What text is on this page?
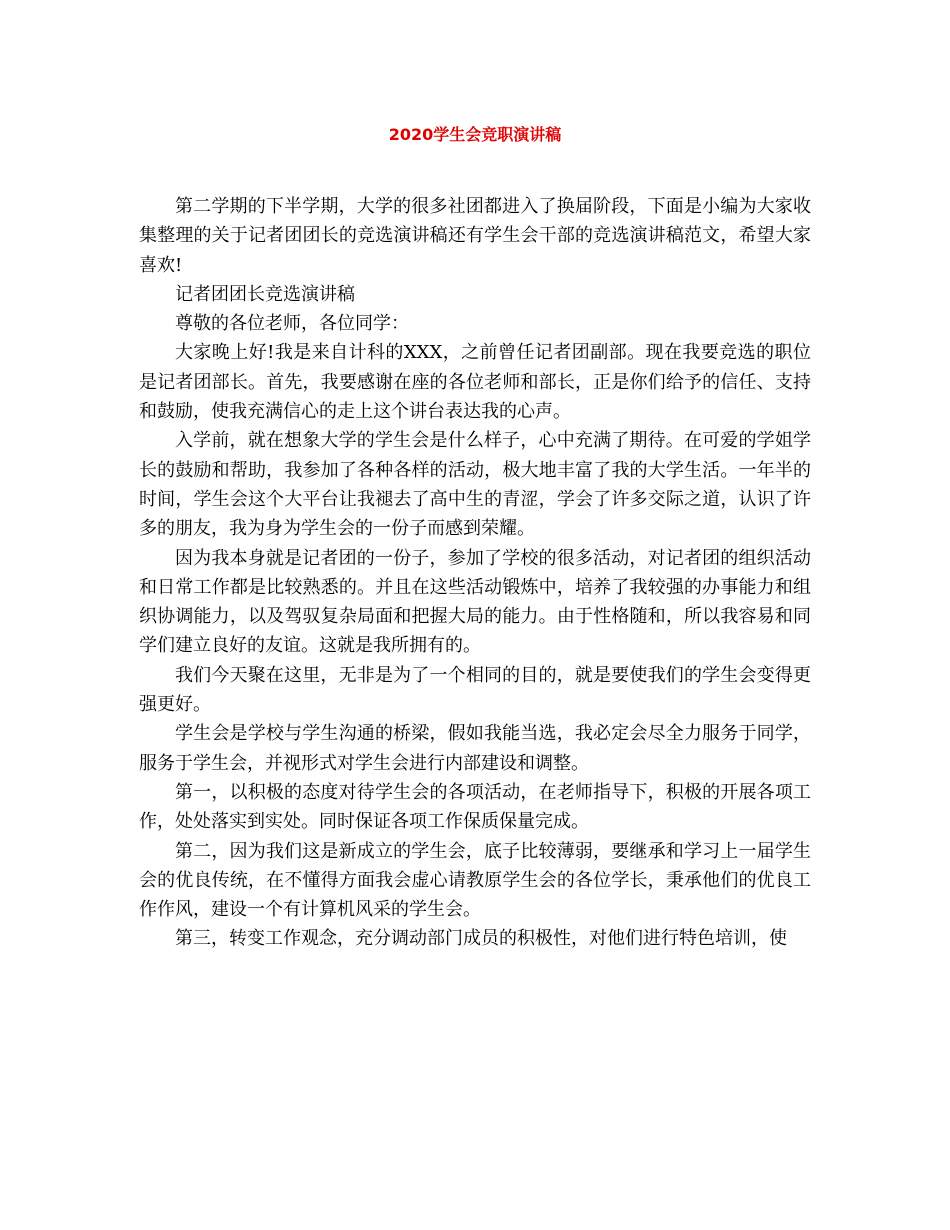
2020学生会竞职演讲稿

第二学期的下半学期，大学的很多社团都进入了换届阶段，下面是小编为大家收集整理的关于记者团团长的竞选演讲稿还有学生会干部的竞选演讲稿范文，希望大家喜欢!

记者团团长竞选演讲稿

尊敬的各位老师，各位同学：

大家晚上好!我是来自计科的XXX，之前曾任记者团副部。现在我要竞选的职位是记者团部长。首先，我要感谢在座的各位老师和部长，正是你们给予的信任、支持和鼓励，使我充满信心的走上这个讲台表达我的心声。

入学前，就在想象大学的学生会是什么样子，心中充满了期待。在可爱的学姐学长的鼓励和帮助，我参加了各种各样的活动，极大地丰富了我的大学生活。一年半的时间，学生会这个大平台让我褪去了高中生的青涩，学会了许多交际之道，认识了许多的朋友，我为身为学生会的一份子而感到荣耀。

因为我本身就是记者团的一份子，参加了学校的很多活动，对记者团的组织活动和日常工作都是比较熟悉的。并且在这些活动锻炼中，培养了我较强的办事能力和组织协调能力，以及驾驭复杂局面和把握大局的能力。由于性格随和，所以我容易和同学们建立良好的友谊。这就是我所拥有的。

我们今天聚在这里，无非是为了一个相同的目的，就是要使我们的学生会变得更强更好。

学生会是学校与学生沟通的桥梁，假如我能当选，我必定会尽全力服务于同学，服务于学生会，并视形式对学生会进行内部建设和调整。

第一，以积极的态度对待学生会的各项活动，在老师指导下，积极的开展各项工作，处处落实到实处。同时保证各项工作保质保量完成。

第二，因为我们这是新成立的学生会，底子比较薄弱，要继承和学习上一届学生会的优良传统，在不懂得方面我会虚心请教原学生会的各位学长，秉承他们的优良工作作风，建设一个有计算机风采的学生会。

第三，转变工作观念，充分调动部门成员的积极性，对他们进行特色培训，使
